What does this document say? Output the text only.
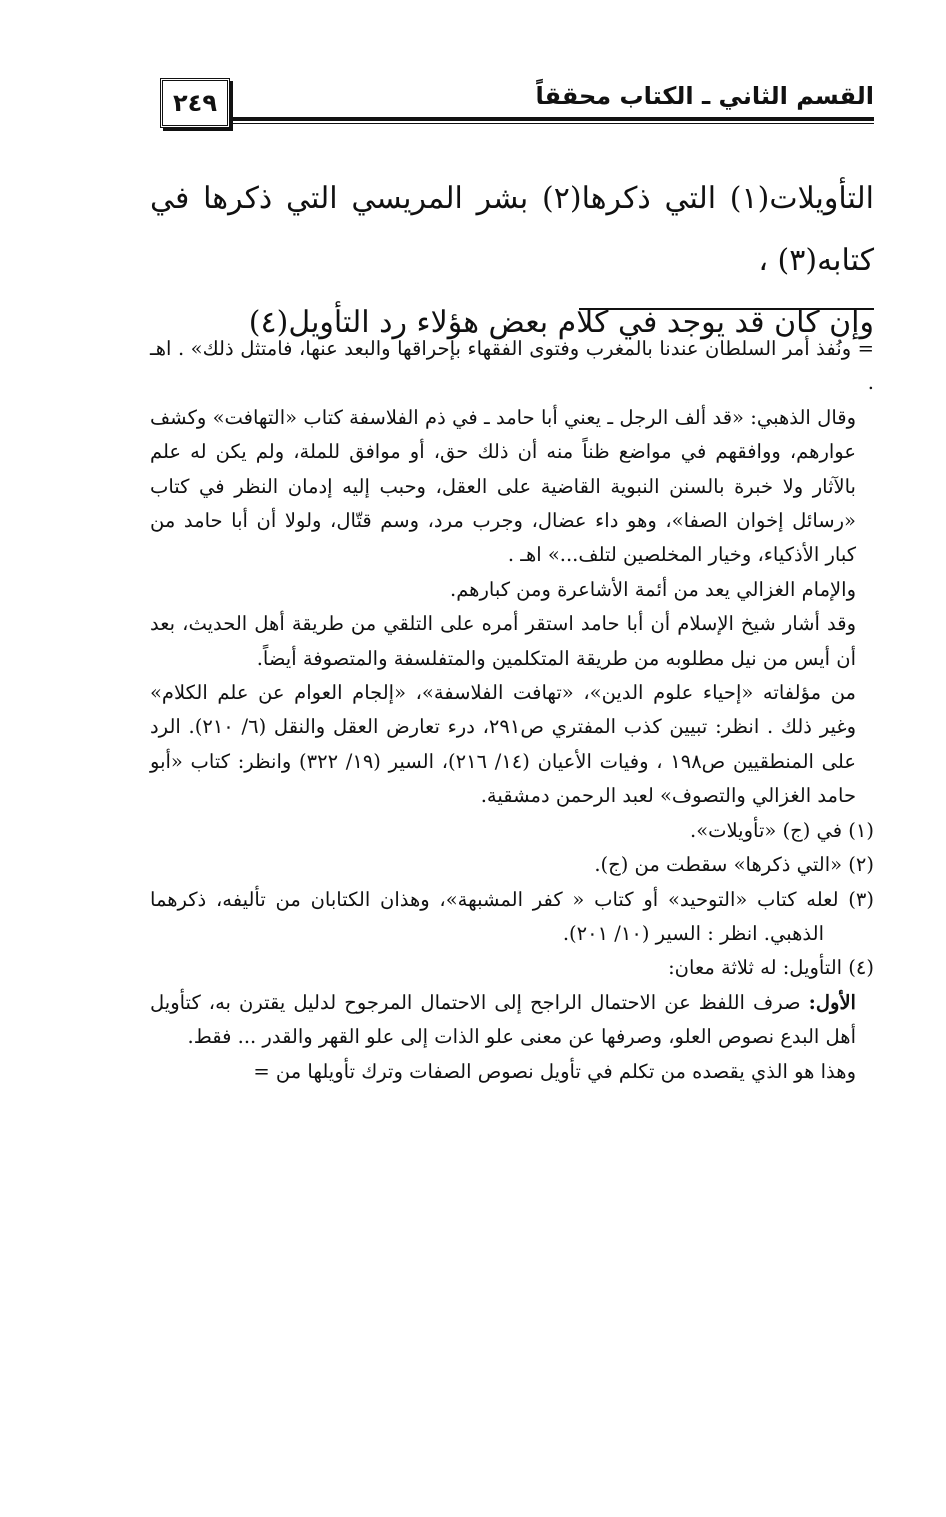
٢٤٩	القسم الثاني ـ الكتاب محققاً

التأويلات(١) التي ذكرها(٢) بشر المريسي التي ذكرها في كتابه(٣) ،

وإن كان قد يوجد في كلام بعض هؤلاء رد التأويل(٤)

= ونُفذ أمر السلطان عندنا بالمغرب وفتوى الفقهاء بإحراقها والبعد عنها، فامتثل ذلك» . اهـ .

وقال الذهبي: «قد ألف الرجل ـ يعني أبا حامد ـ في ذم الفلاسفة كتاب «التهافت» وكشف عوارهم، ووافقهم في مواضع ظناً منه أن ذلك حق، أو موافق للملة، ولم يكن له علم بالآثار ولا خبرة بالسنن النبوية القاضية على العقل، وحبب إليه إدمان النظر في كتاب «رسائل إخوان الصفا»، وهو داء عضال، وجرب مرد، وسم قتّال، ولولا أن أبا حامد من كبار الأذكياء، وخيار المخلصين لتلف...» اهـ .

والإمام الغزالي يعد من أئمة الأشاعرة ومن كبارهم.

وقد أشار شيخ الإسلام أن أبا حامد استقر أمره على التلقي من طريقة أهل الحديث، بعد أن أيس من نيل مطلوبه من طريقة المتكلمين والمتفلسفة والمتصوفة أيضاً.

من مؤلفاته «إحياء علوم الدين»، «تهافت الفلاسفة»، «إلجام العوام عن علم الكلام» وغير ذلك . انظر: تبيين كذب المفتري ص٢٩١، درء تعارض العقل والنقل (٦/ ٢١٠). الرد على المنطقيين ص١٩٨ ، وفيات الأعيان (١٤/ ٢١٦)، السير (١٩/ ٣٢٢) وانظر: كتاب «أبو حامد الغزالي والتصوف» لعبد الرحمن دمشقية.

(١) في (ج) «تأويلات».

(٢) «التي ذكرها» سقطت من (ج).

(٣) لعله كتاب «التوحيد» أو كتاب « كفر المشبهة»، وهذان الكتابان من تأليفه، ذكرهما الذهبي. انظر : السير (١٠/ ٢٠١).

(٤) التأويل: له ثلاثة معان:

الأول: صرف اللفظ عن الاحتمال الراجح إلى الاحتمال المرجوح لدليل يقترن به، كتأويل أهل البدع نصوص العلو، وصرفها عن معنى علو الذات إلى علو القهر والقدر ... فقط.

وهذا هو الذي يقصده من تكلم في تأويل نصوص الصفات وترك تأويلها من =
